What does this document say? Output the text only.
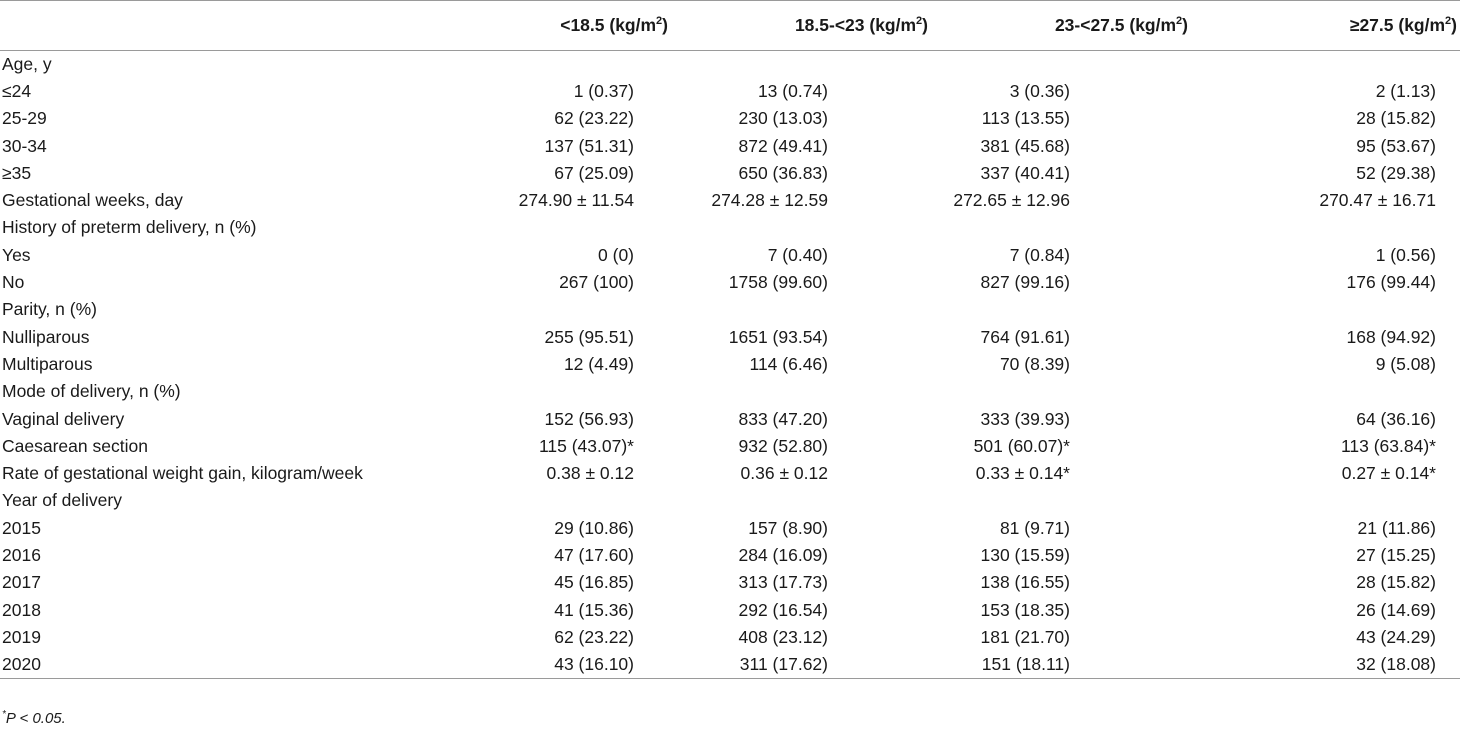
	<18.5 $(kg/m^2)$	18.5-<23 $(kg/m^2)$	23-<27.5 $(kg/m^2)$	≥27.5 $(kg/m^2)$
Age, y				
≤24	1 (0.37)	13 (0.74)	3 (0.36)	2 (1.13)
25-29	62 (23.22)	230 (13.03)	113 (13.55)	28 (15.82)
30-34	137 (51.31)	872 (49.41)	381 (45.68)	95 (53.67)
≥35	67 (25.09)	650 (36.83)	337 (40.41)	52 (29.38)
Gestational weeks, day	274.90 ± 11.54	274.28 ± 12.59	272.65 ± 12.96	270.47 ± 16.71
History of preterm delivery, n (%)				
Yes	0 (0)	7 (0.40)	7 (0.84)	1 (0.56)
No	267 (100)	1758 (99.60)	827 (99.16)	176 (99.44)
Parity, n (%)				
Nulliparous	255 (95.51)	1651 (93.54)	764 (91.61)	168 (94.92)
Multiparous	12 (4.49)	114 (6.46)	70 (8.39)	9 (5.08)
Mode of delivery, n (%)				
Vaginal delivery	152 (56.93)	833 (47.20)	333 (39.93)	64 (36.16)
Caesarean section	115 (43.07)*	932 (52.80)	501 (60.07)*	113 (63.84)*
Rate of gestational weight gain, kilogram/week	0.38 ± 0.12	0.36 ± 0.12	0.33 ± 0.14*	0.27 ± 0.14*
Year of delivery				
2015	29 (10.86)	157 (8.90)	81 (9.71)	21 (11.86)
2016	47 (17.60)	284 (16.09)	130 (15.59)	27 (15.25)
2017	45 (16.85)	313 (17.73)	138 (16.55)	28 (15.82)
2018	41 (15.36)	292 (16.54)	153 (18.35)	26 (14.69)
2019	62 (23.22)	408 (23.12)	181 (21.70)	43 (24.29)
2020	43 (16.10)	311 (17.62)	151 (18.11)	32 (18.08)
*P < 0.05.
